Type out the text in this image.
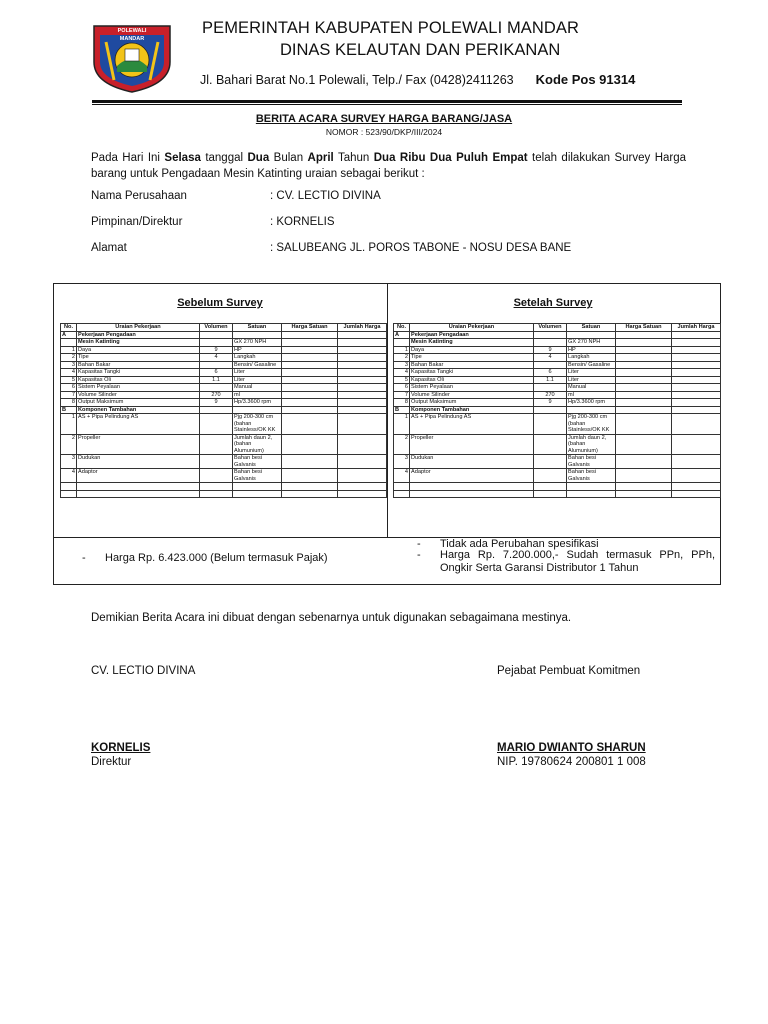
POLEWALI MANDAR
PEMERINTAH KABUPATEN POLEWALI MANDAR
DINAS KELAUTAN DAN PERIKANAN
Jl. Bahari Barat No.1 Polewali, Telp./ Fax (0428)2411263 Kode Pos 91314
BERITA ACARA SURVEY HARGA BARANG/JASA
NOMOR : 523/90/DKP/III/2024
Pada Hari Ini Selasa tanggal Dua Bulan April Tahun Dua Ribu Dua Puluh Empat telah dilakukan Survey Harga barang untuk Pengadaan Mesin Katinting uraian sebagai berikut :
Nama Perusahaan	: CV. LECTIO DIVINA
Pimpinan/Direktur	: KORNELIS
Alamat	: SALUBEANG JL. POROS TABONE - NOSU DESA BANE
Sebelum Survey	Setelah Survey
No.	Uraian Pekerjaan	Volumen	Satuan	Harga Satuan	Jumlah Harga
A	Pekerjaan Pengadaan				
	Mesin Katinting		GX 270 NPH		
1	Daya	9	HP		
2	Tipe	4	Langkah		
3	Bahan Bakar		Bensin/ Gasaline		
4	Kapasitas Tangki	6	Liter		
5	Kapasitas Oli	1.1	Liter		
6	Sistem Peyalaan		Manual		
7	Volume Silinder	270	ml		
8	Output Maksimum	9	Hp/3.3600 rpm		
B	Komponen Tambahan				
1	AS + Pipa Pelindung AS		Pjg 200-300 cm (bahan Stainless/OK KK		
2	Propeller		Jumlah daun 2, (bahan Alumunium)		
3	Dudukan		Bahan besi Galvanis		
4	Adaptor		Bahan besi Galvanis		

No.	Uraian Pekerjaan	Volumen	Satuan	Harga Satuan	Jumlah Harga
A	Pekerjaan Pengadaan				
	Mesin Katinting		GX 270 NPH		
1	Daya	9	HP		
2	Tipe	4	Langkah		
3	Bahan Bakar		Bensin/ Gasaline		
4	Kapasitas Tangki	6	Liter		
5	Kapasitas Oli	1.1	Liter		
6	Sistem Peyalaan		Manual		
7	Volume Silinder	270	ml		
8	Output Maksimum	9	Hp/3.3600 rpm		
B	Komponen Tambahan				
1	AS + Pipa Pelindung AS		Pjg 200-300 cm (bahan Stainless/OK KK		
2	Propeller		Jumlah daun 2, (bahan Alumunium)		
3	Dudukan		Bahan besi Galvanis		
4	Adaptor		Bahan besi Galvanis		

- Harga Rp. 6.423.000 (Belum termasuk Pajak)
- Tidak ada Perubahan spesifikasi
- Harga Rp. 7.200.000,- Sudah termasuk PPn, PPh, Ongkir Serta Garansi Distributor 1 Tahun
Demikian Berita Acara ini dibuat dengan sebenarnya untuk digunakan sebagaimana mestinya.
CV. LECTIO DIVINA	Pejabat Pembuat Komitmen
KORNELIS
Direktur
MARIO DWIANTO SHARUN
NIP. 19780624 200801 1 008
